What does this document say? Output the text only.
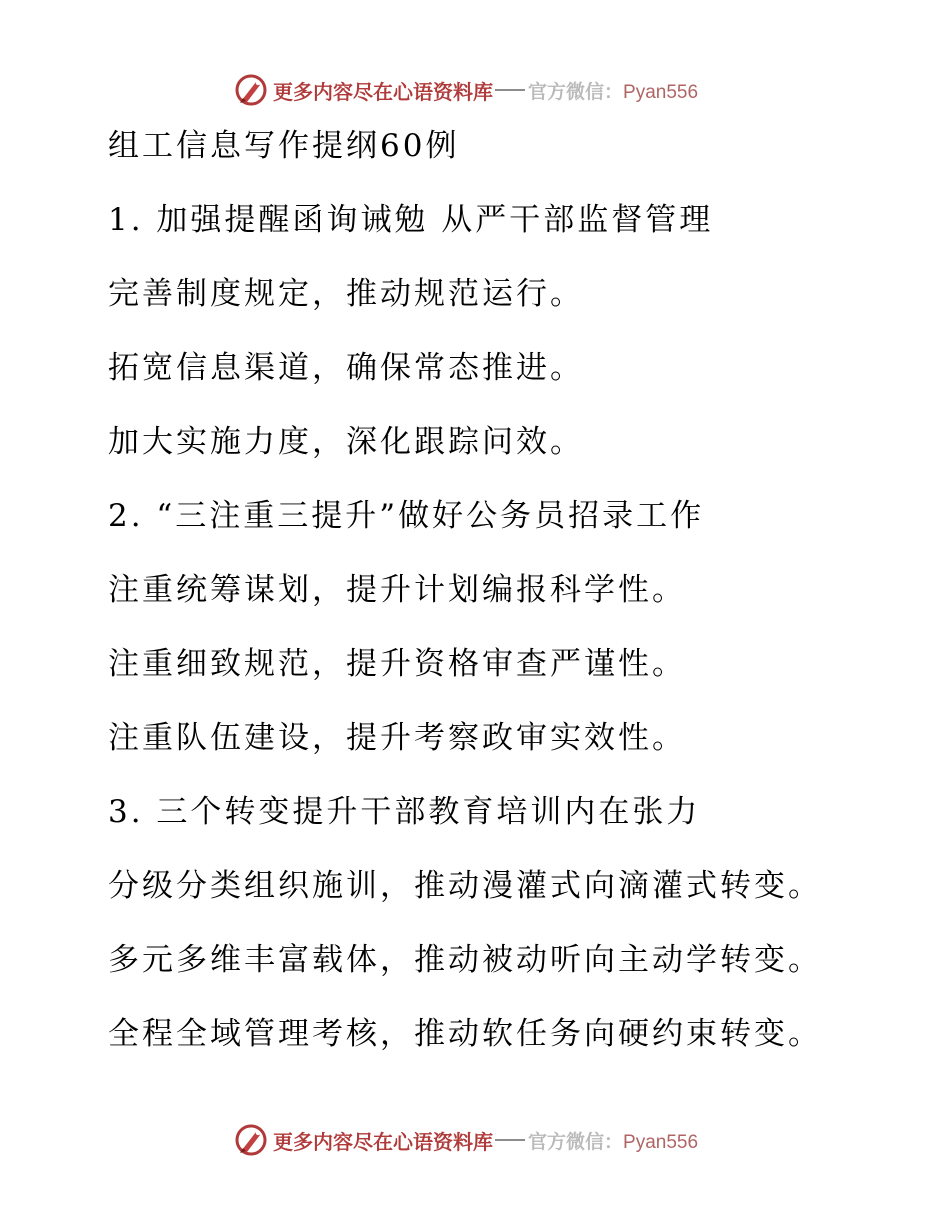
更多内容尽在心语资料库 官方微信：Pyan556
组工信息写作提纲60例
1. 加强提醒函询诫勉 从严干部监督管理
完善制度规定，推动规范运行。
拓宽信息渠道，确保常态推进。
加大实施力度，深化跟踪问效。
2. “三注重三提升”做好公务员招录工作
注重统筹谋划，提升计划编报科学性。
注重细致规范，提升资格审查严谨性。
注重队伍建设，提升考察政审实效性。
3. 三个转变提升干部教育培训内在张力
分级分类组织施训，推动漫灌式向滴灌式转变。
多元多维丰富载体，推动被动听向主动学转变。
全程全域管理考核，推动软任务向硬约束转变。
更多内容尽在心语资料库 官方微信：Pyan556
